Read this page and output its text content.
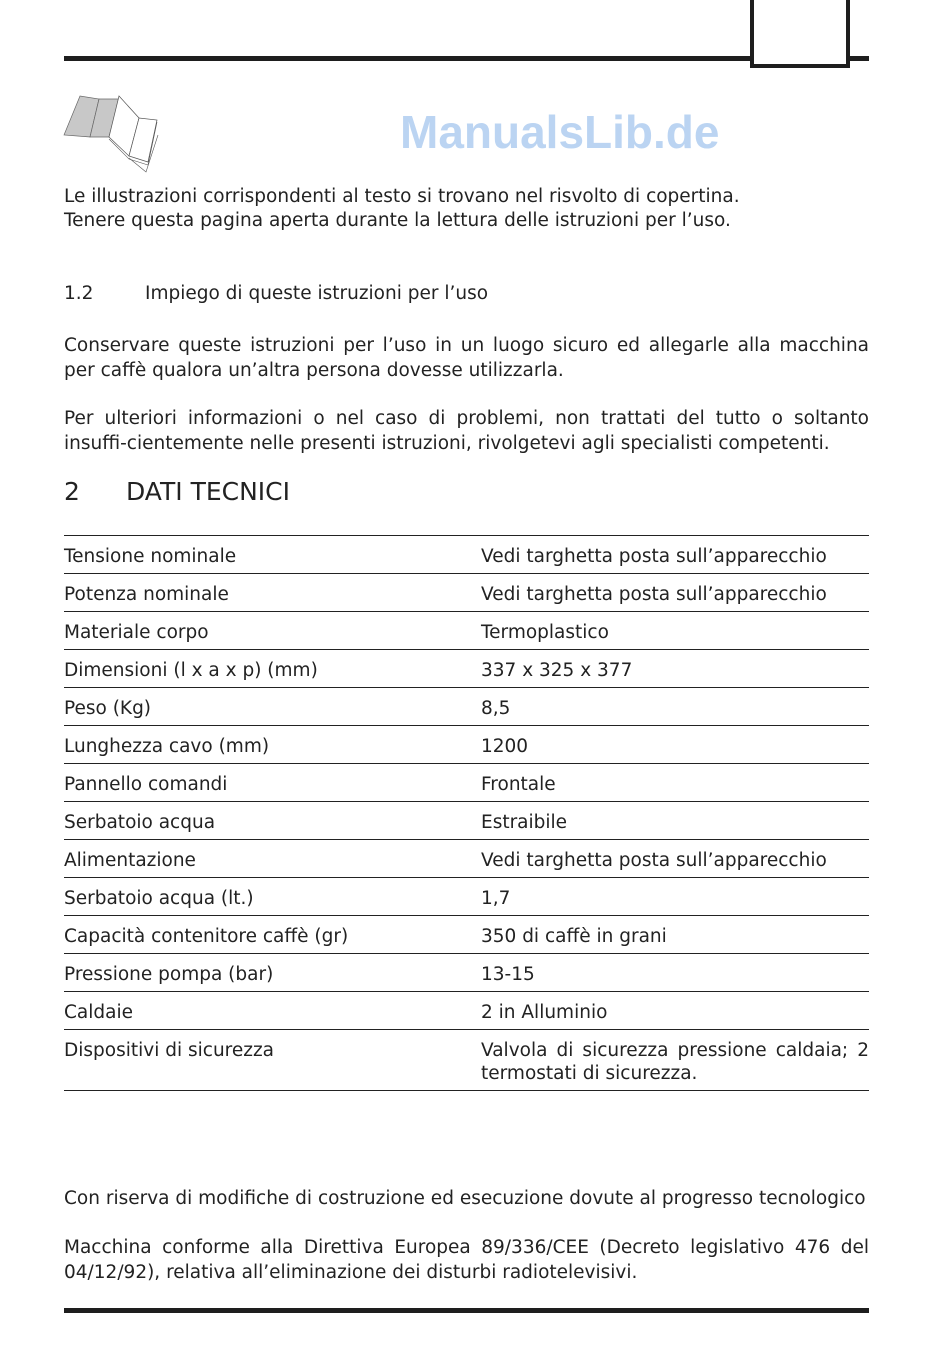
ManualsLib.de
Le illustrazioni corrispondenti al testo si trovano nel risvolto di copertina.
Tenere questa pagina aperta durante la lettura delle istruzioni per l’uso.
1.2	Impiego di queste istruzioni per l’uso
Conservare queste istruzioni per l’uso in un luogo sicuro ed allegarle alla macchina per caffè qualora un’altra persona dovesse utilizzarla.
Per ulteriori informazioni o nel caso di problemi, non trattati del tutto o soltanto insuffi-cientemente nelle presenti istruzioni, rivolgetevi agli specialisti competenti.
2 DATI TECNICI
Tensione nominale	Vedi targhetta posta sull’apparecchio
Potenza nominale	Vedi targhetta posta sull’apparecchio
Materiale corpo	Termoplastico
Dimensioni (l x a x p) (mm)	337 x 325 x 377
Peso (Kg)	8,5
Lunghezza cavo (mm)	1200
Pannello comandi	Frontale
Serbatoio acqua	Estraibile
Alimentazione	Vedi targhetta posta sull’apparecchio
Serbatoio acqua (lt.)	1,7
Capacità contenitore caffè (gr)	350 di caffè in grani
Pressione pompa (bar)	13-15
Caldaie	2 in Alluminio
Dispositivi di sicurezza	Valvola di sicurezza pressione caldaia; 2 termostati di sicurezza.
Con riserva di modifiche di costruzione ed esecuzione dovute al progresso tecnologico
Macchina conforme alla Direttiva Europea 89/336/CEE (Decreto legislativo 476 del 04/12/92), relativa all’eliminazione dei disturbi radiotelevisivi.
